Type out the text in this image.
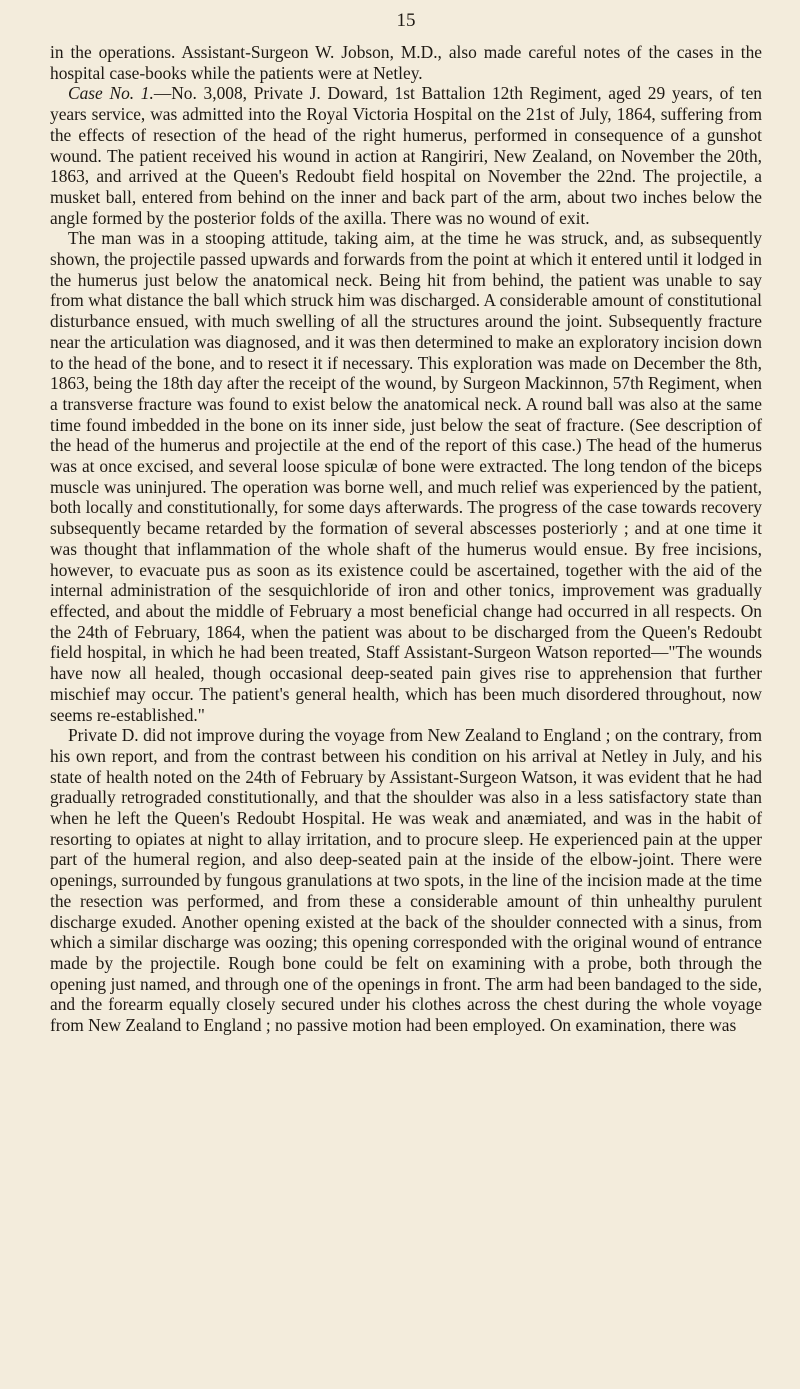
15

in the operations. Assistant-Surgeon W. Jobson, M.D., also made careful notes of the cases in the hospital case-books while the patients were at Netley.

Case No. 1.—No. 3,008, Private J. Doward, 1st Battalion 12th Regiment, aged 29 years, of ten years service, was admitted into the Royal Victoria Hospital on the 21st of July, 1864, suffering from the effects of resection of the head of the right humerus, performed in consequence of a gunshot wound. The patient received his wound in action at Rangiriri, New Zealand, on November the 20th, 1863, and arrived at the Queen's Redoubt field hospital on November the 22nd. The projectile, a musket ball, entered from behind on the inner and back part of the arm, about two inches below the angle formed by the posterior folds of the axilla. There was no wound of exit.

The man was in a stooping attitude, taking aim, at the time he was struck, and, as subsequently shown, the projectile passed upwards and forwards from the point at which it entered until it lodged in the humerus just below the anatomical neck. Being hit from behind, the patient was unable to say from what distance the ball which struck him was discharged. A considerable amount of constitutional disturbance ensued, with much swelling of all the structures around the joint. Subsequently fracture near the articulation was diagnosed, and it was then determined to make an exploratory incision down to the head of the bone, and to resect it if necessary. This exploration was made on December the 8th, 1863, being the 18th day after the receipt of the wound, by Surgeon Mackinnon, 57th Regiment, when a transverse fracture was found to exist below the anatomical neck. A round ball was also at the same time found imbedded in the bone on its inner side, just below the seat of fracture. (See description of the head of the humerus and projectile at the end of the report of this case.) The head of the humerus was at once excised, and several loose spiculæ of bone were extracted. The long tendon of the biceps muscle was uninjured. The operation was borne well, and much relief was experienced by the patient, both locally and constitutionally, for some days afterwards. The progress of the case towards recovery subsequently became retarded by the formation of several abscesses posteriorly ; and at one time it was thought that inflammation of the whole shaft of the humerus would ensue. By free incisions, however, to evacuate pus as soon as its existence could be ascertained, together with the aid of the internal administration of the sesquichloride of iron and other tonics, improvement was gradually effected, and about the middle of February a most beneficial change had occurred in all respects. On the 24th of February, 1864, when the patient was about to be discharged from the Queen's Redoubt field hospital, in which he had been treated, Staff Assistant-Surgeon Watson reported—"The wounds have now all healed, though occasional deep-seated pain gives rise to apprehension that further mischief may occur. The patient's general health, which has been much disordered throughout, now seems re-established."

Private D. did not improve during the voyage from New Zealand to England ; on the contrary, from his own report, and from the contrast between his condition on his arrival at Netley in July, and his state of health noted on the 24th of February by Assistant-Surgeon Watson, it was evident that he had gradually retrograded constitutionally, and that the shoulder was also in a less satisfactory state than when he left the Queen's Redoubt Hospital. He was weak and anæmiated, and was in the habit of resorting to opiates at night to allay irritation, and to procure sleep. He experienced pain at the upper part of the humeral region, and also deep-seated pain at the inside of the elbow-joint. There were openings, surrounded by fungous granulations at two spots, in the line of the incision made at the time the resection was performed, and from these a considerable amount of thin unhealthy purulent discharge exuded. Another opening existed at the back of the shoulder connected with a sinus, from which a similar discharge was oozing; this opening corresponded with the original wound of entrance made by the projectile. Rough bone could be felt on examining with a probe, both through the opening just named, and through one of the openings in front. The arm had been bandaged to the side, and the forearm equally closely secured under his clothes across the chest during the whole voyage from New Zealand to England ; no passive motion had been employed. On examination, there was
